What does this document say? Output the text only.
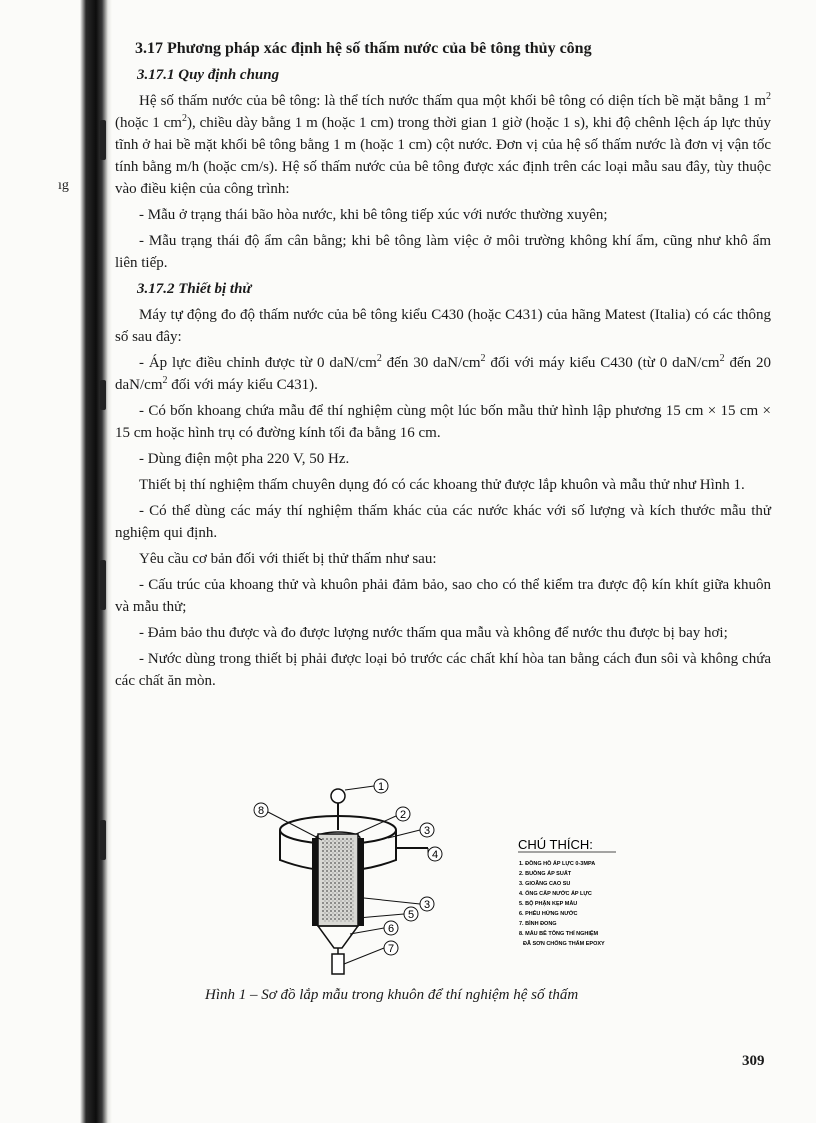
ıg
3.17 Phương pháp xác định hệ số thấm nước của bê tông thủy công
3.17.1 Quy định chung

Hệ số thấm nước của bê tông: là thể tích nước thấm qua một khối bê tông có diện tích bề mặt bằng 1 $m^2$ (hoặc 1 $cm^2$), chiều dày bằng 1 m (hoặc 1 cm) trong thời gian 1 giờ (hoặc 1 s), khi độ chênh lệch áp lực thủy tĩnh ở hai bề mặt khối bê tông bằng 1 m (hoặc 1 cm) cột nước. Đơn vị của hệ số thấm nước là đơn vị vận tốc tính bằng m/h (hoặc cm/s). Hệ số thấm nước của bê tông được xác định trên các loại mẫu sau đây, tùy thuộc vào điều kiện của công trình:

- Mẫu ở trạng thái bão hòa nước, khi bê tông tiếp xúc với nước thường xuyên;

- Mẫu trạng thái độ ẩm cân bằng; khi bê tông làm việc ở môi trường không khí ẩm, cũng như khô ẩm liên tiếp.

3.17.2 Thiết bị thử

Máy tự động đo độ thấm nước của bê tông kiểu C430 (hoặc C431) của hãng Matest (Italia) có các thông số sau đây:

- Áp lực điều chỉnh được từ 0 daN/$cm^2$ đến 30 daN/$cm^2$ đối với máy kiểu C430 (từ 0 daN/$cm^2$ đến 20 daN/$cm^2$ đối với máy kiểu C431).

- Có bốn khoang chứa mẫu để thí nghiệm cùng một lúc bốn mẫu thử hình lập phương 15 cm × 15 cm × 15 cm hoặc hình trụ có đường kính tối đa bằng 16 cm.

- Dùng điện một pha 220 V, 50 Hz.

Thiết bị thí nghiệm thấm chuyên dụng đó có các khoang thử được lắp khuôn và mẫu thử như Hình 1.

- Có thể dùng các máy thí nghiệm thấm khác của các nước khác với số lượng và kích thước mẫu thử nghiệm qui định.

Yêu cầu cơ bản đối với thiết bị thử thấm như sau:

- Cấu trúc của khoang thử và khuôn phải đảm bảo, sao cho có thể kiểm tra được độ kín khít giữa khuôn và mẫu thử;

- Đảm bảo thu được và đo được lượng nước thấm qua mẫu và không để nước thu được bị bay hơi;

- Nước dùng trong thiết bị phải được loại bỏ trước các chất khí hòa tan bằng cách đun sôi và không chứa các chất ăn mòn.

1
2
3
4
3
5
6
7
8
CHÚ THÍCH:
1. ĐỒNG HỒ ÁP LỰC 0-3MPA
2. BUỒNG ÁP SUẤT
3. GIOĂNG CAO SU
4. ỐNG CẤP NƯỚC ÁP LỰC
5. BỘ PHẬN KẸP MẪU
6. PHỄU HỨNG NƯỚC
7. BÌNH ĐONG
8. MẪU BÊ TÔNG THÍ NGHIỆM
ĐÃ SƠN CHỐNG THẤM EPOXY
Hình 1 – Sơ đồ lắp mẫu trong khuôn để thí nghiệm hệ số thấm
309
